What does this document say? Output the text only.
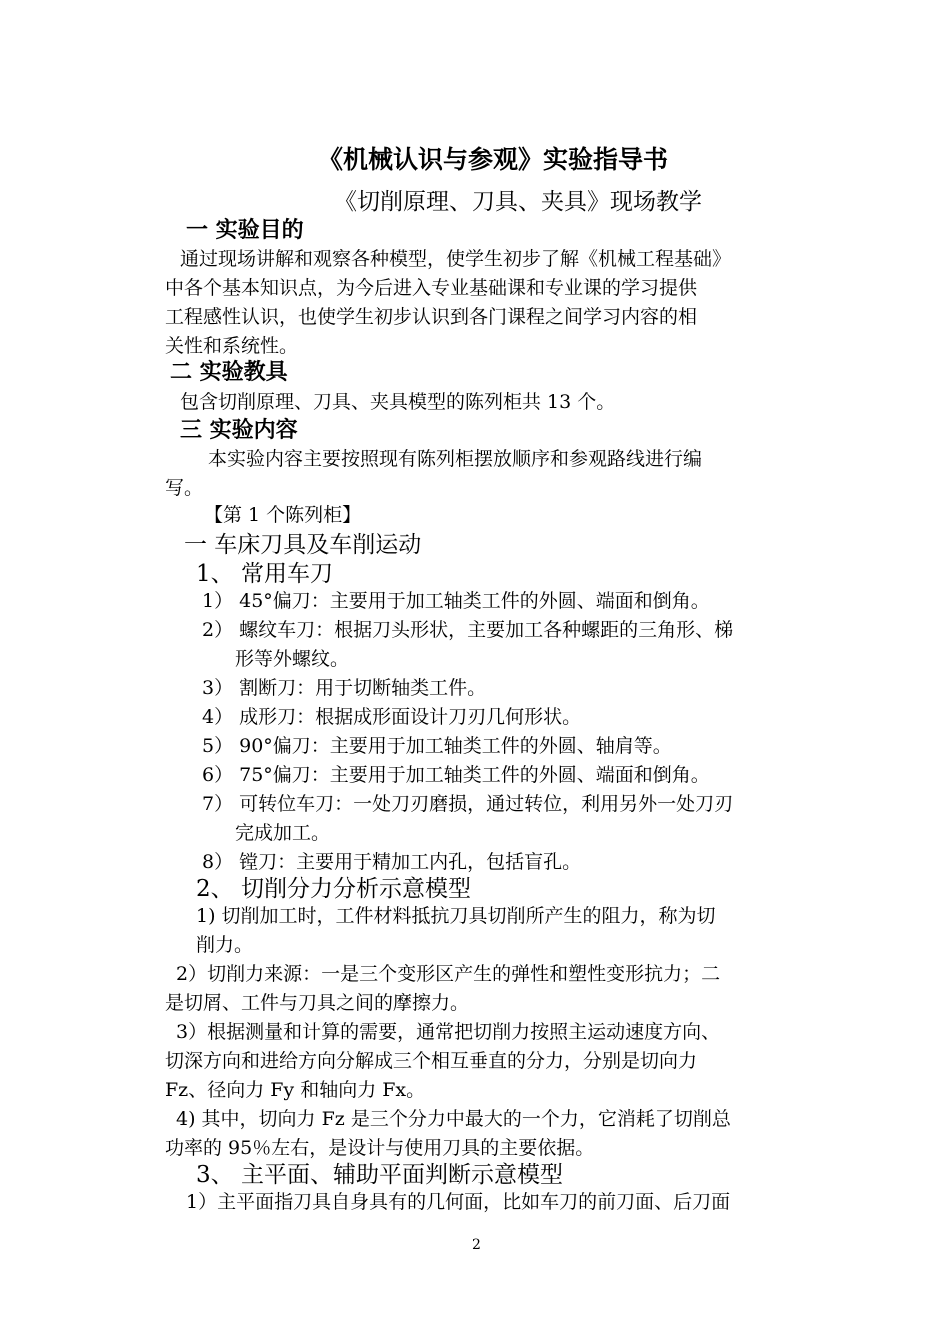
《机械认识与参观》实验指导书
《切削原理、刀具、夹具》现场教学
一 实验目的
通过现场讲解和观察各种模型，使学生初步了解《机械工程基础》
中各个基本知识点，为今后进入专业基础课和专业课的学习提供
工程感性认识，也使学生初步认识到各门课程之间学习内容的相
关性和系统性。
二 实验教具
包含切削原理、刀具、夹具模型的陈列柜共 13 个。
三 实验内容
本实验内容主要按照现有陈列柜摆放顺序和参观路线进行编
写。
【第 1 个陈列柜】
一 车床刀具及车削运动
1、 常用车刀
1） 45°偏刀：主要用于加工轴类工件的外圆、端面和倒角。
2） 螺纹车刀：根据刀头形状，主要加工各种螺距的三角形、梯
形等外螺纹。
3） 割断刀：用于切断轴类工件。
4） 成形刀：根据成形面设计刀刃几何形状。
5） 90°偏刀：主要用于加工轴类工件的外圆、轴肩等。
6） 75°偏刀：主要用于加工轴类工件的外圆、端面和倒角。
7） 可转位车刀：一处刀刃磨损，通过转位，利用另外一处刀刃
完成加工。
8） 镗刀：主要用于精加工内孔，包括盲孔。
2、 切削分力分析示意模型
1) 切削加工时，工件材料抵抗刀具切削所产生的阻力，称为切
削力。
2）切削力来源：一是三个变形区产生的弹性和塑性变形抗力；二
是切屑、工件与刀具之间的摩擦力。
3）根据测量和计算的需要，通常把切削力按照主运动速度方向、
切深方向和进给方向分解成三个相互垂直的分力，分别是切向力
Fz、径向力 Fy 和轴向力 Fx。
4) 其中，切向力 Fz 是三个分力中最大的一个力，它消耗了切削总
功率的 95％左右，是设计与使用刀具的主要依据。
3、 主平面、辅助平面判断示意模型
1）主平面指刀具自身具有的几何面，比如车刀的前刀面、后刀面
2
